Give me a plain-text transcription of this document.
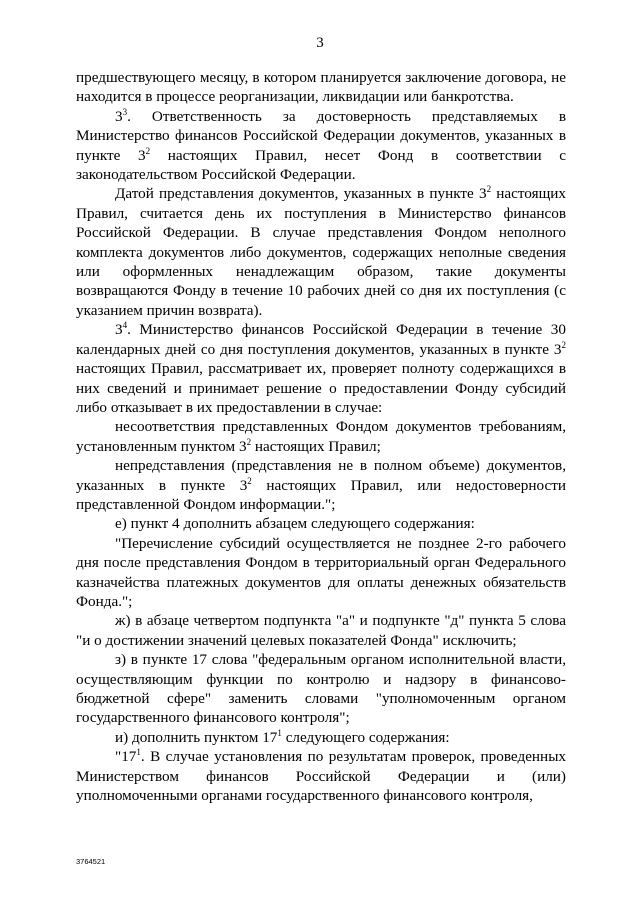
3

предшествующего месяцу, в котором планируется заключение договора, не находится в процессе реорганизации, ликвидации или банкротства.

$3^3$. Ответственность за достоверность представляемых в Министерство финансов Российской Федерации документов, указанных в пункте $3^2$ настоящих Правил, несет Фонд в соответствии с законодательством Российской Федерации.

Датой представления документов, указанных в пункте $3^2$ настоящих Правил, считается день их поступления в Министерство финансов Российской Федерации. В случае представления Фондом неполного комплекта документов либо документов, содержащих неполные сведения или оформленных ненадлежащим образом, такие документы возвращаются Фонду в течение 10 рабочих дней со дня их поступления (с указанием причин возврата).

$3^4$. Министерство финансов Российской Федерации в течение 30 календарных дней со дня поступления документов, указанных в пункте $3^2$ настоящих Правил, рассматривает их, проверяет полноту содержащихся в них сведений и принимает решение о предоставлении Фонду субсидий либо отказывает в их предоставлении в случае:

несоответствия представленных Фондом документов требованиям, установленным пунктом $3^2$ настоящих Правил;

непредставления (представления не в полном объеме) документов, указанных в пункте $3^2$ настоящих Правил, или недостоверности представленной Фондом информации.";

е) пункт 4 дополнить абзацем следующего содержания:

"Перечисление субсидий осуществляется не позднее 2-го рабочего дня после представления Фондом в территориальный орган Федерального казначейства платежных документов для оплаты денежных обязательств Фонда.";

ж) в абзаце четвертом подпункта "а" и подпункте "д" пункта 5 слова "и о достижении значений целевых показателей Фонда" исключить;

з) в пункте 17 слова "федеральным органом исполнительной власти, осуществляющим функции по контролю и надзору в финансово-бюджетной сфере" заменить словами "уполномоченным органом государственного финансового контроля";

и) дополнить пунктом $17^1$ следующего содержания:

"$17^1$. В случае установления по результатам проверок, проведенных Министерством финансов Российской Федерации и (или) уполномоченными органами государственного финансового контроля,

3764521
